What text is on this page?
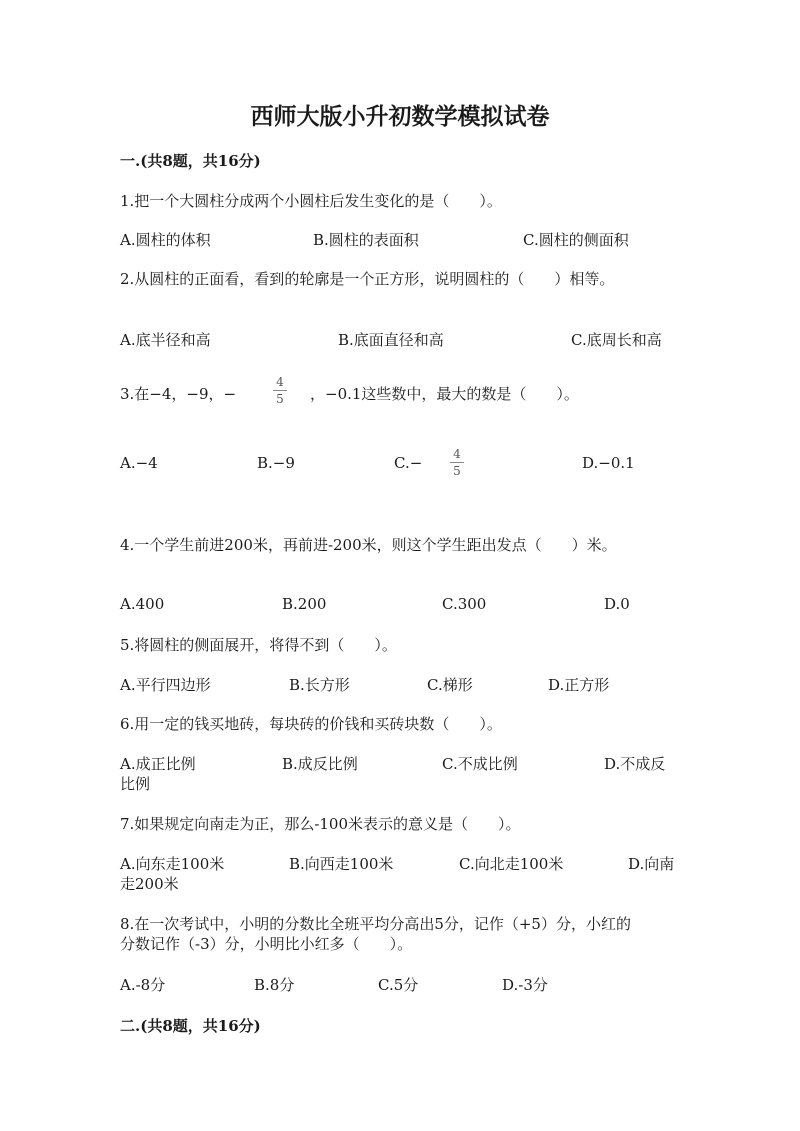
西师大版小升初数学模拟试卷
一.(共8题，共16分)
1.把一个大圆柱分成两个小圆柱后发生变化的是（　　）。
A.圆柱的体积	B.圆柱的表面积	C.圆柱的侧面积
2.从圆柱的正面看，看到的轮廓是一个正方形，说明圆柱的（　　）相等。
A.底半径和高	B.底面直径和高	C.底周长和高
3.在−4，−9，−
4
5 ，−0.1这些数中，最大的数是（　　）。
A.−4	B.−9	C.−	4
5	D.−0.1
4.一个学生前进200米，再前进-200米，则这个学生距出发点（　　）米。
A.400	B.200	C.300	D.0
5.将圆柱的侧面展开，将得不到（　　）。
A.平行四边形	B.长方形	C.梯形	D.正方形
6.用一定的钱买地砖，每块砖的价钱和买砖块数（　　）。
A.成正比例	B.成反比例	C.不成比例	D.不成反
比例
7.如果规定向南走为正，那么-100米表示的意义是（　　）。
A.向东走100米	B.向西走100米	C.向北走100米	D.向南
走200米
8.在一次考试中，小明的分数比全班平均分高出5分，记作（+5）分，小红的
分数记作（-3）分，小明比小红多（　　）。
A.-8分	B.8分	C.5分	D.-3分
二.(共8题，共16分)
